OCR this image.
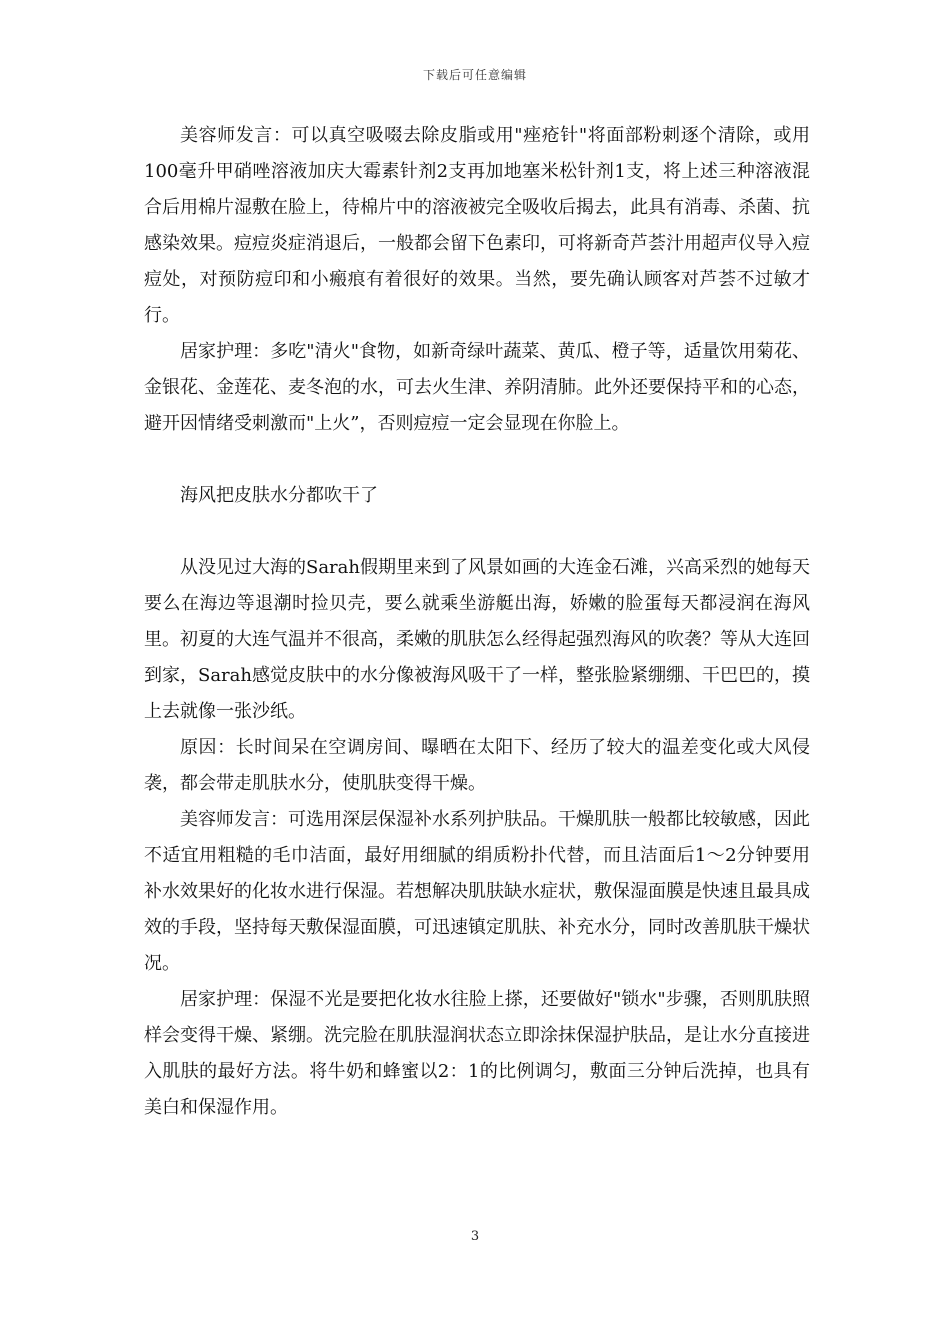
下载后可任意编辑

美容师发言：可以真空吸啜去除皮脂或用"痤疮针"将面部粉刺逐个清除，或用100毫升甲硝唑溶液加庆大霉素针剂2支再加地塞米松针剂1支，将上述三种溶液混合后用棉片湿敷在脸上，待棉片中的溶液被完全吸收后揭去，此具有消毒、杀菌、抗感染效果。痘痘炎症消退后，一般都会留下色素印，可将新奇芦荟汁用超声仪导入痘痘处，对预防痘印和小瘢痕有着很好的效果。当然，要先确认顾客对芦荟不过敏才行。

居家护理：多吃"清火"食物，如新奇绿叶蔬菜、黄瓜、橙子等，适量饮用菊花、金银花、金莲花、麦冬泡的水，可去火生津、养阴清肺。此外还要保持平和的心态，避开因情绪受刺激而"上火”，否则痘痘一定会显现在你脸上。

海风把皮肤水分都吹干了

从没见过大海的Sarah假期里来到了风景如画的大连金石滩，兴高采烈的她每天要么在海边等退潮时捡贝壳，要么就乘坐游艇出海，娇嫩的脸蛋每天都浸润在海风里。初夏的大连气温并不很高，柔嫩的肌肤怎么经得起强烈海风的吹袭？等从大连回到家，Sarah感觉皮肤中的水分像被海风吸干了一样，整张脸紧绷绷、干巴巴的，摸上去就像一张沙纸。

原因：长时间呆在空调房间、曝晒在太阳下、经历了较大的温差变化或大风侵袭，都会带走肌肤水分，使肌肤变得干燥。

美容师发言：可选用深层保湿补水系列护肤品。干燥肌肤一般都比较敏感，因此不适宜用粗糙的毛巾洁面，最好用细腻的绢质粉扑代替，而且洁面后1～2分钟要用补水效果好的化妆水进行保湿。若想解决肌肤缺水症状，敷保湿面膜是快速且最具成效的手段，坚持每天敷保湿面膜，可迅速镇定肌肤、补充水分，同时改善肌肤干燥状况。

居家护理：保湿不光是要把化妆水往脸上搽，还要做好"锁水"步骤，否则肌肤照样会变得干燥、紧绷。洗完脸在肌肤湿润状态立即涂抹保湿护肤品，是让水分直接进入肌肤的最好方法。将牛奶和蜂蜜以2：1的比例调匀，敷面三分钟后洗掉，也具有美白和保湿作用。

3
